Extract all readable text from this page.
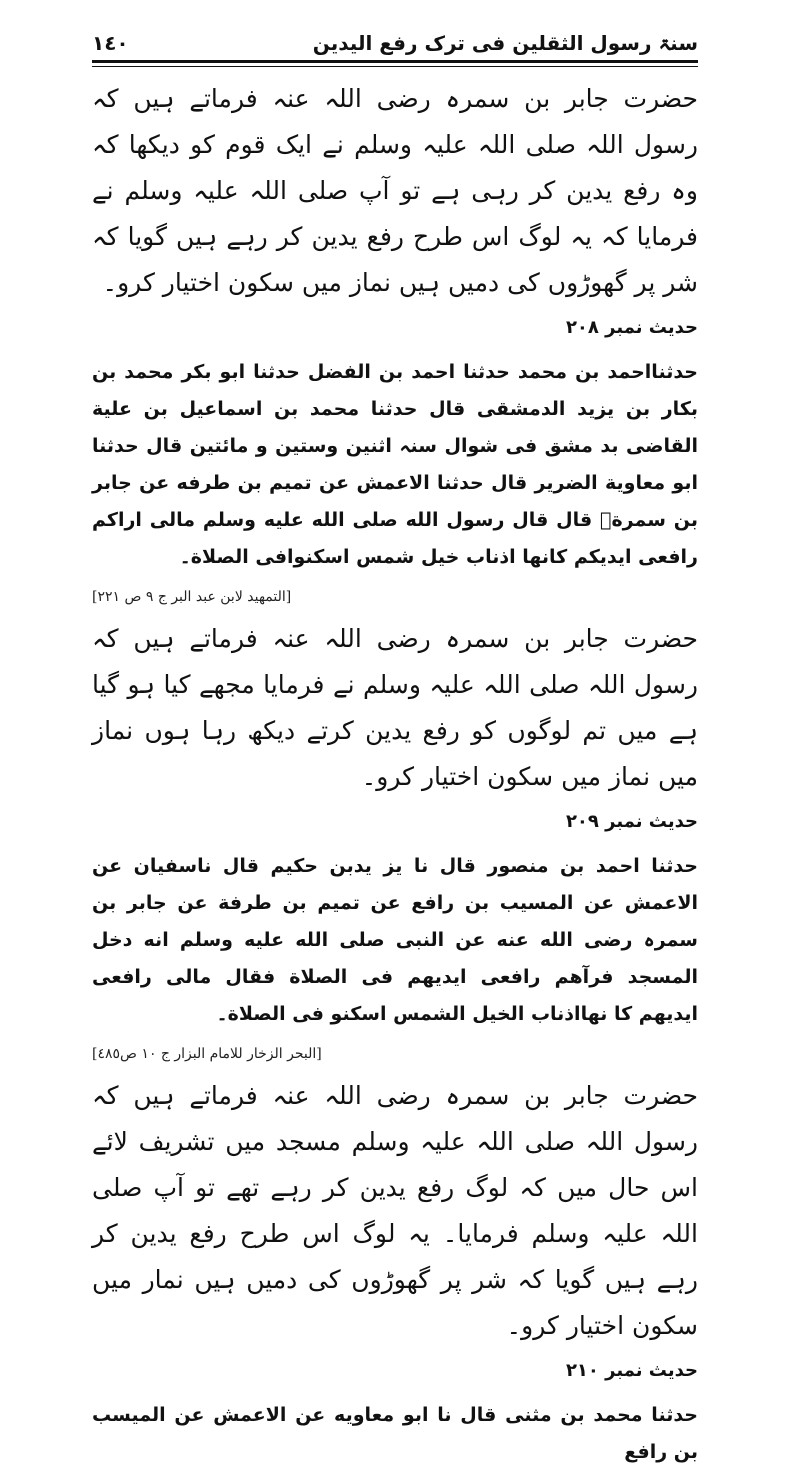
١٤٠	سنۃ رسول الثقلین فی ترک رفع الیدین

حضرت جابر بن سمرہ رضی اللہ عنہ فرماتے ہیں کہ رسول اللہ صلی اللہ علیہ وسلم نے ایک قوم کو دیکھا کہ وہ رفع یدین کر رہی ہے تو آپ صلی اللہ علیہ وسلم نے فرمایا کہ یہ لوگ اس طرح رفع یدین کر رہے ہیں گویا کہ شر پر گھوڑوں کی دمیں ہیں نماز میں سکون اختیار کرو۔

حدیث نمبر ۲۰۸

حدثنااحمد بن محمد حدثنا احمد بن الفضل حدثنا ابو بکر محمد بن بکار بن یزید الدمشقی قال حدثنا محمد بن اسماعیل بن علیة القاضی بد مشق فی شوال سنہ اثنین وستین و مائتین قال حدثنا ابو معاویة الضریر قال حدثنا الاعمش عن تمیم بن طرفه عن جابر بن سمرةؓ قال قال رسول الله صلی الله علیه وسلم مالی اراکم رافعی ایدیکم کانها اذناب خیل شمس اسکنوافی الصلاة۔

[التمهید لابن عبد البر ج ٩ ص ٢٢١]

حضرت جابر بن سمرہ رضی اللہ عنہ فرماتے ہیں کہ رسول اللہ صلی اللہ علیہ وسلم نے فرمایا مجھے کیا ہو گیا ہے میں تم لوگوں کو رفع یدین کرتے دیکھ رہا ہوں نماز میں نماز میں سکون اختیار کرو۔

حدیث نمبر ۲۰۹

حدثنا احمد بن منصور قال نا یز یدبن حکیم قال ناسفیان عن الاعمش عن المسیب بن رافع عن تمیم بن طرفة عن جابر بن سمرہ رضی الله عنه عن النبی صلی الله علیه وسلم انه دخل المسجد فرآهم رافعی ایدیهم فی الصلاة فقال مالی رافعی ایدیهم کا نهااذناب الخیل الشمس اسکنو فی الصلاة۔

[البحر الزخار للامام البزار ج ١٠ ص٤٨٥]

حضرت جابر بن سمرہ رضی اللہ عنہ فرماتے ہیں کہ رسول اللہ صلی اللہ علیہ وسلم مسجد میں تشریف لائے اس حال میں کہ لوگ رفع یدین کر رہے تھے تو آپ صلی اللہ علیہ وسلم فرمایا۔ یہ لوگ اس طرح رفع یدین کر رہے ہیں گویا کہ شر پر گھوڑوں کی دمیں ہیں نمار میں سکون اختیار کرو۔

حدیث نمبر ۲۱۰

حدثنا محمد بن مثنی قال نا ابو معاویه عن الاعمش عن المیسب بن رافع
